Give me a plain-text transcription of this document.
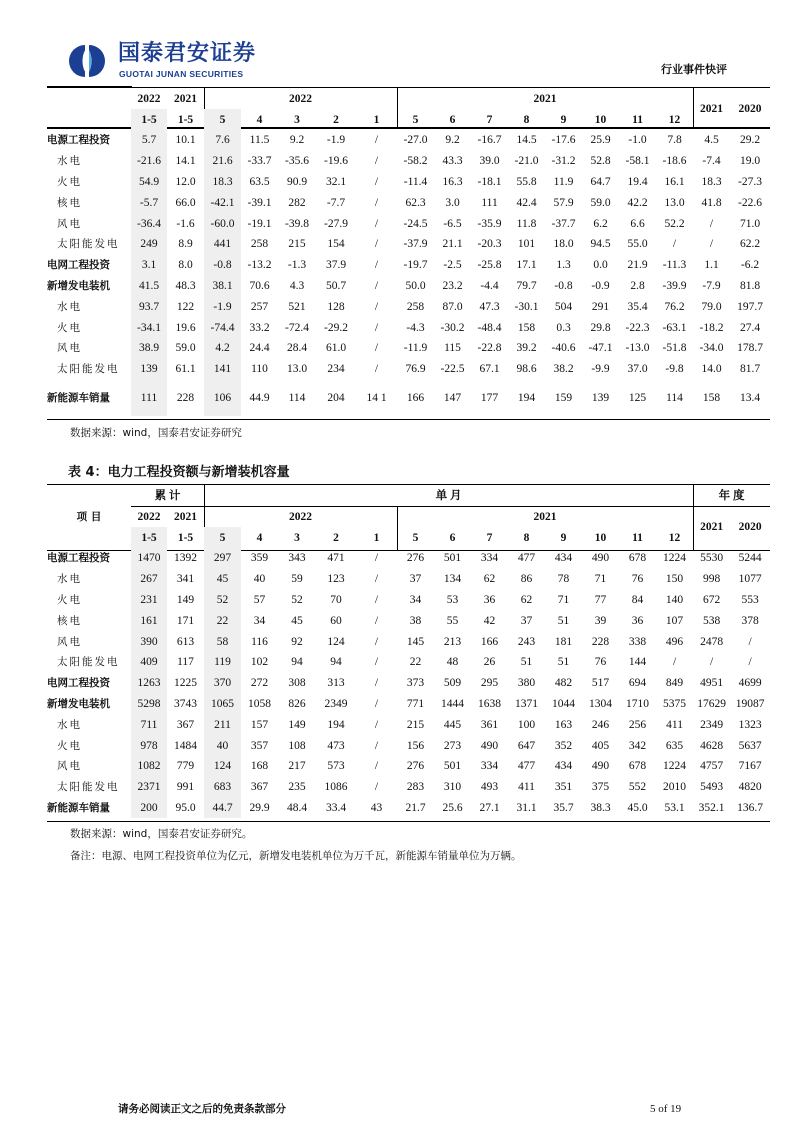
国泰君安证券
GUOTAI JUNAN SECURITIES	行业事件快评
	2022	2021	2022					2021								2021	2020
	1-5	1-5	5	4	3	2	1	5	6	7	8	9	10	11	12		
电源工程投资	5.7	10.1	7.6	11.5	9.2	-1.9	/	-27.0	9.2	-16.7	14.5	-17.6	25.9	-1.0	7.8	4.5	29.2
水电	-21.6	14.1	21.6	-33.7	-35.6	-19.6	/	-58.2	43.3	39.0	-21.0	-31.2	52.8	-58.1	-18.6	-7.4	19.0
火电	54.9	12.0	18.3	63.5	90.9	32.1	/	-11.4	16.3	-18.1	55.8	11.9	64.7	19.4	16.1	18.3	-27.3
核电	-5.7	66.0	-42.1	-39.1	282	-7.7	/	62.3	3.0	111	42.4	57.9	59.0	42.2	13.0	41.8	-22.6
风电	-36.4	-1.6	-60.0	-19.1	-39.8	-27.9	/	-24.5	-6.5	-35.9	11.8	-37.7	6.2	6.6	52.2	/	71.0
太阳能发电	249	8.9	441	258	215	154	/	-37.9	21.1	-20.3	101	18.0	94.5	55.0	/	/	62.2
电网工程投资	3.1	8.0	-0.8	-13.2	-1.3	37.9	/	-19.7	-2.5	-25.8	17.1	1.3	0.0	21.9	-11.3	1.1	-6.2
新增发电装机	41.5	48.3	38.1	70.6	4.3	50.7	/	50.0	23.2	-4.4	79.7	-0.8	-0.9	2.8	-39.9	-7.9	81.8
水电	93.7	122	-1.9	257	521	128	/	258	87.0	47.3	-30.1	504	291	35.4	76.2	79.0	197.7
火电	-34.1	19.6	-74.4	33.2	-72.4	-29.2	/	-4.3	-30.2	-48.4	158	0.3	29.8	-22.3	-63.1	-18.2	27.4
风电	38.9	59.0	4.2	24.4	28.4	61.0	/	-11.9	115	-22.8	39.2	-40.6	-47.1	-13.0	-51.8	-34.0	178.7
太阳能发电	139	61.1	141	110	13.0	234	/	76.9	-22.5	67.1	98.6	38.2	-9.9	37.0	-9.8	14.0	81.7
新能源车销量	111	228	106	44.9	114	204	14 1	166	147	177	194	159	139	125	114	158	13.4
数据来源：wind，国泰君安证券研究
表 4：电力工程投资额与新增装机容量
项 目	累 计		单 月													年 度	
	2022	2021	2022					2021								2021	2020
	1-5	1-5	5	4	3	2	1	5	6	7	8	9	10	11	12		
电源工程投资	1470	1392	297	359	343	471	/	276	501	334	477	434	490	678	1224	5530	5244
水电	267	341	45	40	59	123	/	37	134	62	86	78	71	76	150	998	1077
火电	231	149	52	57	52	70	/	34	53	36	62	71	77	84	140	672	553
核电	161	171	22	34	45	60	/	38	55	42	37	51	39	36	107	538	378
风电	390	613	58	116	92	124	/	145	213	166	243	181	228	338	496	2478	/
太阳能发电	409	117	119	102	94	94	/	22	48	26	51	51	76	144	/	/	/
电网工程投资	1263	1225	370	272	308	313	/	373	509	295	380	482	517	694	849	4951	4699
新增发电装机	5298	3743	1065	1058	826	2349	/	771	1444	1638	1371	1044	1304	1710	5375	17629	19087
水电	711	367	211	157	149	194	/	215	445	361	100	163	246	256	411	2349	1323
火电	978	1484	40	357	108	473	/	156	273	490	647	352	405	342	635	4628	5637
风电	1082	779	124	168	217	573	/	276	501	334	477	434	490	678	1224	4757	7167
太阳能发电	2371	991	683	367	235	1086	/	283	310	493	411	351	375	552	2010	5493	4820
新能源车销量	200	95.0	44.7	29.9	48.4	33.4	43	21.7	25.6	27.1	31.1	35.7	38.3	45.0	53.1	352.1	136.7
数据来源：wind，国泰君安证券研究。
备注：电源、电网工程投资单位为亿元，新增发电装机单位为万千瓦，新能源车销量单位为万辆。
请务必阅读正文之后的免责条款部分	5 of 19
